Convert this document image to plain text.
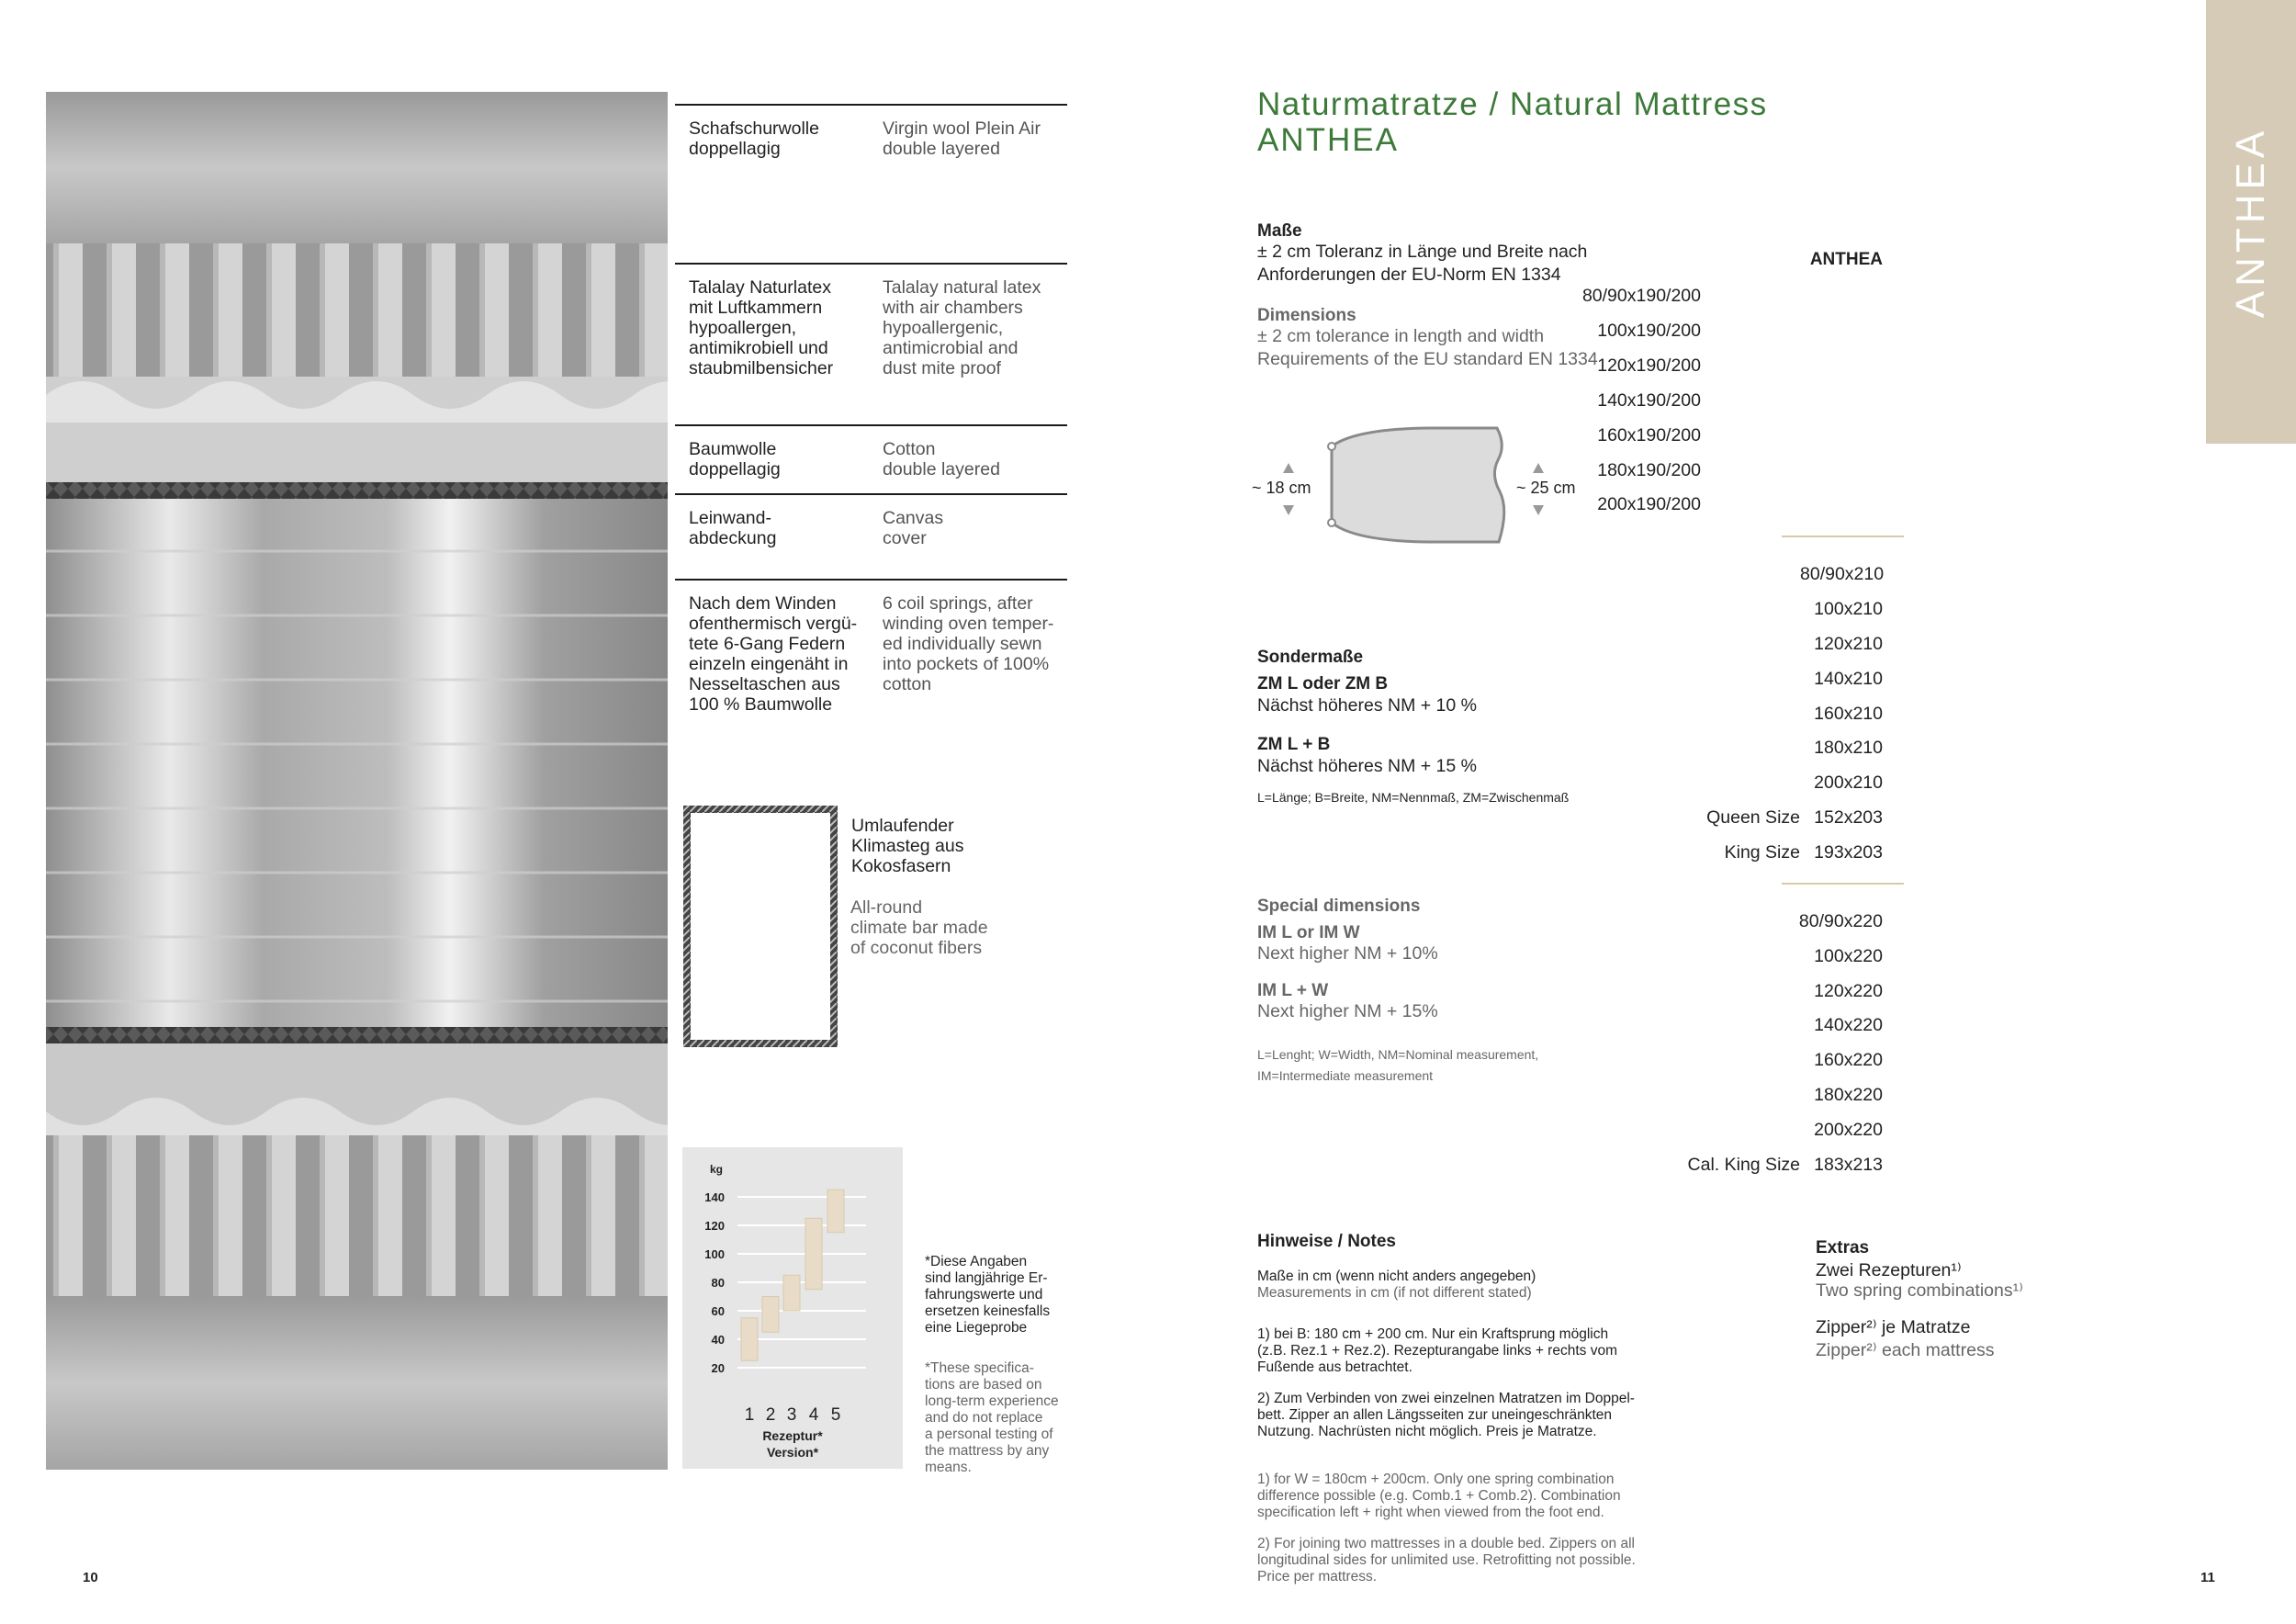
Schafschurwolle
doppellagig
Virgin wool Plein Air
double layered
Talalay Naturlatex
mit Luftkammern
hypoallergen,
antimikrobiell und
staubmilbensicher
Talalay natural latex
with air chambers
hypoallergenic,
antimicrobial and
dust mite proof
Baumwolle
doppellagig
Cotton
double layered
Leinwand-
abdeckung
Canvas
cover
Nach dem Winden
ofenthermisch vergü-
tete 6-Gang Federn
einzeln eingenäht in
Nesseltaschen aus
100 % Baumwolle
6 coil springs, after
winding oven temper-
ed individually sewn
into pockets of 100%
cotton
Umlaufender
Klimasteg aus
Kokosfasern
All-round
climate bar made
of coconut fibers
kg
140
120
100
80
60
40
20
1 2 3 4 5
Rezeptur*
Version*
*Diese Angaben
sind langjährige Er-
fahrungswerte und
ersetzen keinesfalls
eine Liegeprobe
*These specifica-
tions are based on
long-term experience
and do not replace
a personal testing of
the mattress by any
means.
10
Naturmatratze / Natural Mattress
ANTHEA
Maße
± 2 cm Toleranz in Länge und Breite nach
Anforderungen der EU-Norm EN 1334
Dimensions
± 2 cm tolerance in length and width
Requirements of the EU standard EN 1334
~ 18 cm	~ 25 cm
Sondermaße
ZM L oder ZM B
Nächst höheres NM + 10 %
ZM L + B
Nächst höheres NM + 15 %
L=Länge; B=Breite, NM=Nennmaß, ZM=Zwischenmaß
Special dimensions
IM L or IM W
Next higher NM + 10%
IM L + W
Next higher NM + 15%
L=Lenght; W=Width, NM=Nominal measurement,
IM=Intermediate measurement
ANTHEA
80/90x190/200
100x190/200
120x190/200
140x190/200
160x190/200
180x190/200
200x190/200
80/90x210
100x210
120x210
140x210
160x210
180x210
200x210
Queen Size 152x203
King Size 193x203
80/90x220
100x220
120x220
140x220
160x220
180x220
200x220
Cal. King Size 183x213
Hinweise / Notes
Maße in cm (wenn nicht anders angegeben)
Measurements in cm (if not different stated)
1) bei B: 180 cm + 200 cm. Nur ein Kraftsprung möglich
(z.B. Rez.1 + Rez.2). Rezepturangabe links + rechts vom
Fußende aus betrachtet.
2) Zum Verbinden von zwei einzelnen Matratzen im Doppel-
bett. Zipper an allen Längsseiten zur uneingeschränkten
Nutzung. Nachrüsten nicht möglich. Preis je Matratze.
1) for W = 180cm + 200cm. Only one spring combination
difference possible (e.g. Comb.1 + Comb.2). Combination
specification left + right when viewed from the foot end.
2) For joining two mattresses in a double bed. Zippers on all
longitudinal sides for unlimited use. Retrofitting not possible.
Price per mattress.
Extras
Zwei Rezepturen¹⁾
Two spring combinations¹⁾
Zipper²⁾ je Matratze
Zipper²⁾ each mattress
ANTHEA
11
